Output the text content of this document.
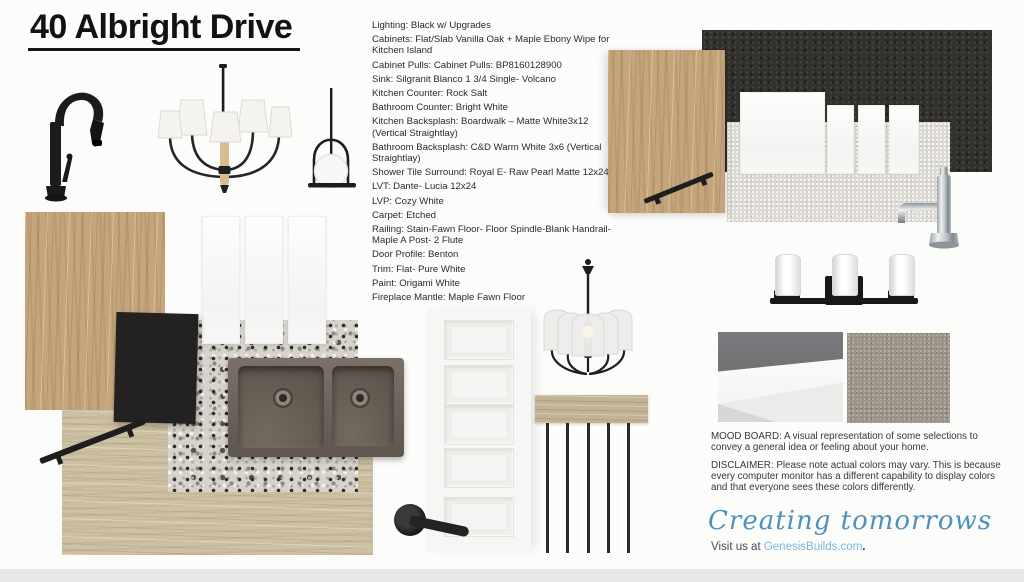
40 Albright Drive	Lighting: Black w/ Upgrades

Cabinets: Flat/Slab Vanilla Oak + Maple Ebony Wipe for Kitchen Island

Cabinet Pulls: Cabinet Pulls: BP8160128900

Sink: Silgranit Blanco 1 3/4 Single- Volcano

Kitchen Counter: Rock Salt

Bathroom Counter: Bright White

Kitchen Backsplash: Boardwalk – Matte White3x12 (Vertical Straightlay)

Bathroom Backsplash: C&D Warm White 3x6 (Vertical Straightlay)

Shower Tile Surround: Royal E- Raw Pearl Matte 12x24

LVT: Dante- Lucia 12x24

LVP: Cozy White

Carpet: Etched

Railing: Stain-Fawn Floor- Floor Spindle-Blank Handrail- Maple A Post- 2 Flute

Door Profile: Benton

Trim: Flat- Pure White

Paint: Origami White

Fireplace Mantle: Maple Fawn Floor

MOOD BOARD: A visual representation of some selections to convey a general idea or feeling about your home.
DISCLAIMER: Please note actual colors may vary. This is because every computer monitor has a different capability to display colors and that everyone sees these colors differently.
Creating tomorrows
Visit us at GenesisBuilds.com.
